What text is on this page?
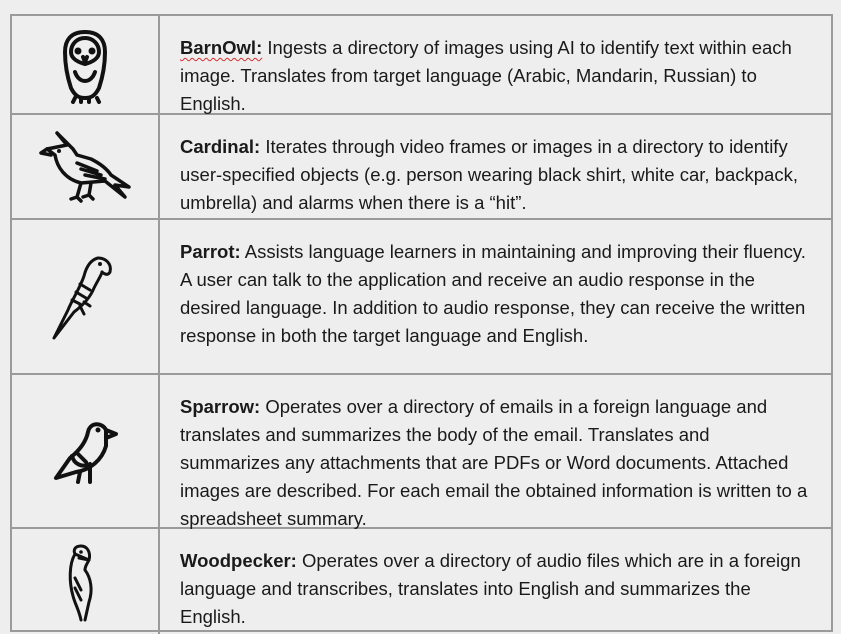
BarnOwl: Ingests a directory of images using AI to identify text within each image. Translates from target language (Arabic, Mandarin, Russian) to English.
Cardinal: Iterates through video frames or images in a directory to identify user-specified objects (e.g. person wearing black shirt, white car, backpack, umbrella) and alarms when there is a “hit”.
Parrot: Assists language learners in maintaining and improving their fluency. A user can talk to the application and receive an audio response in the desired language. In addition to audio response, they can receive the written response in both the target language and English.
Sparrow: Operates over a directory of emails in a foreign language and translates and summarizes the body of the email. Translates and summarizes any attachments that are PDFs or Word documents. Attached images are described. For each email the obtained information is written to a spreadsheet summary.
Woodpecker: Operates over a directory of audio files which are in a foreign language and transcribes, translates into English and summarizes the English.
